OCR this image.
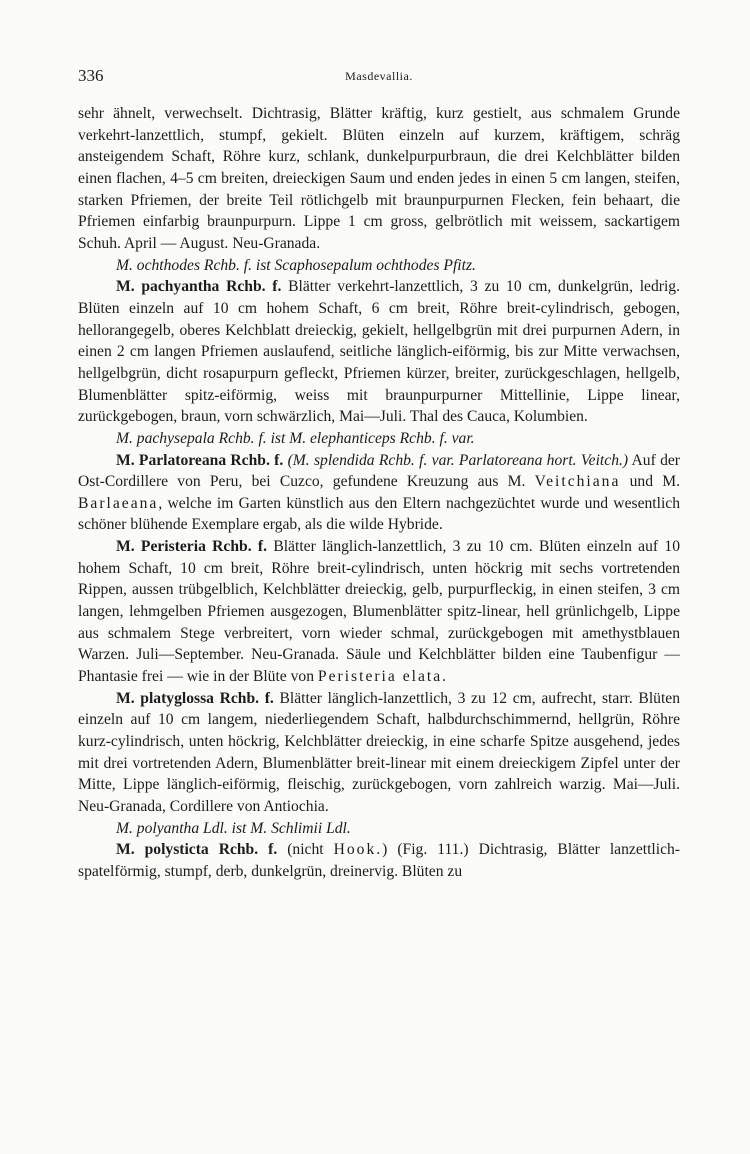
336	Masdevallia.

sehr ähnelt, verwechselt. Dichtrasig, Blätter kräftig, kurz gestielt, aus schmalem Grunde verkehrt-lanzettlich, stumpf, gekielt. Blüten einzeln auf kurzem, kräftigem, schräg ansteigendem Schaft, Röhre kurz, schlank, dunkelpurpurbraun, die drei Kelchblätter bilden einen flachen, 4–5 cm breiten, dreieckigen Saum und enden jedes in einen 5 cm langen, steifen, starken Pfriemen, der breite Teil rötlichgelb mit braunpurpurnen Flecken, fein behaart, die Pfriemen einfarbig braunpurpurn. Lippe 1 cm gross, gelbrötlich mit weissem, sackartigem Schuh. April — August. Neu-Granada.

M. ochthodes Rchb. f. ist Scaphosepalum ochthodes Pfitz.

M. pachyantha Rchb. f. Blätter verkehrt-lanzettlich, 3 zu 10 cm, dunkelgrün, ledrig. Blüten einzeln auf 10 cm hohem Schaft, 6 cm breit, Röhre breit-cylindrisch, gebogen, hellorangegelb, oberes Kelchblatt dreieckig, gekielt, hellgelbgrün mit drei purpurnen Adern, in einen 2 cm langen Pfriemen auslaufend, seitliche länglich-eiförmig, bis zur Mitte verwachsen, hellgelbgrün, dicht rosapurpurn gefleckt, Pfriemen kürzer, breiter, zurückgeschlagen, hellgelb, Blumenblätter spitz-eiförmig, weiss mit braunpurpurner Mittellinie, Lippe linear, zurückgebogen, braun, vorn schwärzlich, Mai—Juli. Thal des Cauca, Kolumbien.

M. pachysepala Rchb. f. ist M. elephanticeps Rchb. f. var.

M. Parlatoreana Rchb. f. (M. splendida Rchb. f. var. Parlatoreana hort. Veitch.) Auf der Ost-Cordillere von Peru, bei Cuzco, gefundene Kreuzung aus M. Veitchiana und M. Barlaeana, welche im Garten künstlich aus den Eltern nachgezüchtet wurde und wesentlich schöner blühende Exemplare ergab, als die wilde Hybride.

M. Peristeria Rchb. f. Blätter länglich-lanzettlich, 3 zu 10 cm. Blüten einzeln auf 10 hohem Schaft, 10 cm breit, Röhre breit-cylindrisch, unten höckrig mit sechs vortretenden Rippen, aussen trübgelblich, Kelchblätter dreieckig, gelb, purpurfleckig, in einen steifen, 3 cm langen, lehmgelben Pfriemen ausgezogen, Blumenblätter spitz-linear, hell grünlichgelb, Lippe aus schmalem Stege verbreitert, vorn wieder schmal, zurückgebogen mit amethystblauen Warzen. Juli—September. Neu-Granada. Säule und Kelchblätter bilden eine Taubenfigur — Phantasie frei — wie in der Blüte von Peristeria elata.

M. platyglossa Rchb. f. Blätter länglich-lanzettlich, 3 zu 12 cm, aufrecht, starr. Blüten einzeln auf 10 cm langem, niederliegendem Schaft, halbdurchschimmernd, hellgrün, Röhre kurz-cylindrisch, unten höckrig, Kelchblätter dreieckig, in eine scharfe Spitze ausgehend, jedes mit drei vortretenden Adern, Blumenblätter breit-linear mit einem dreieckigem Zipfel unter der Mitte, Lippe länglich-eiförmig, fleischig, zurückgebogen, vorn zahlreich warzig. Mai—Juli. Neu-Granada, Cordillere von Antiochia.

M. polyantha Ldl. ist M. Schlimii Ldl.

M. polysticta Rchb. f. (nicht Hook.) (Fig. 111.) Dichtrasig, Blätter lanzettlich-spatelförmig, stumpf, derb, dunkelgrün, dreinervig. Blüten zu
